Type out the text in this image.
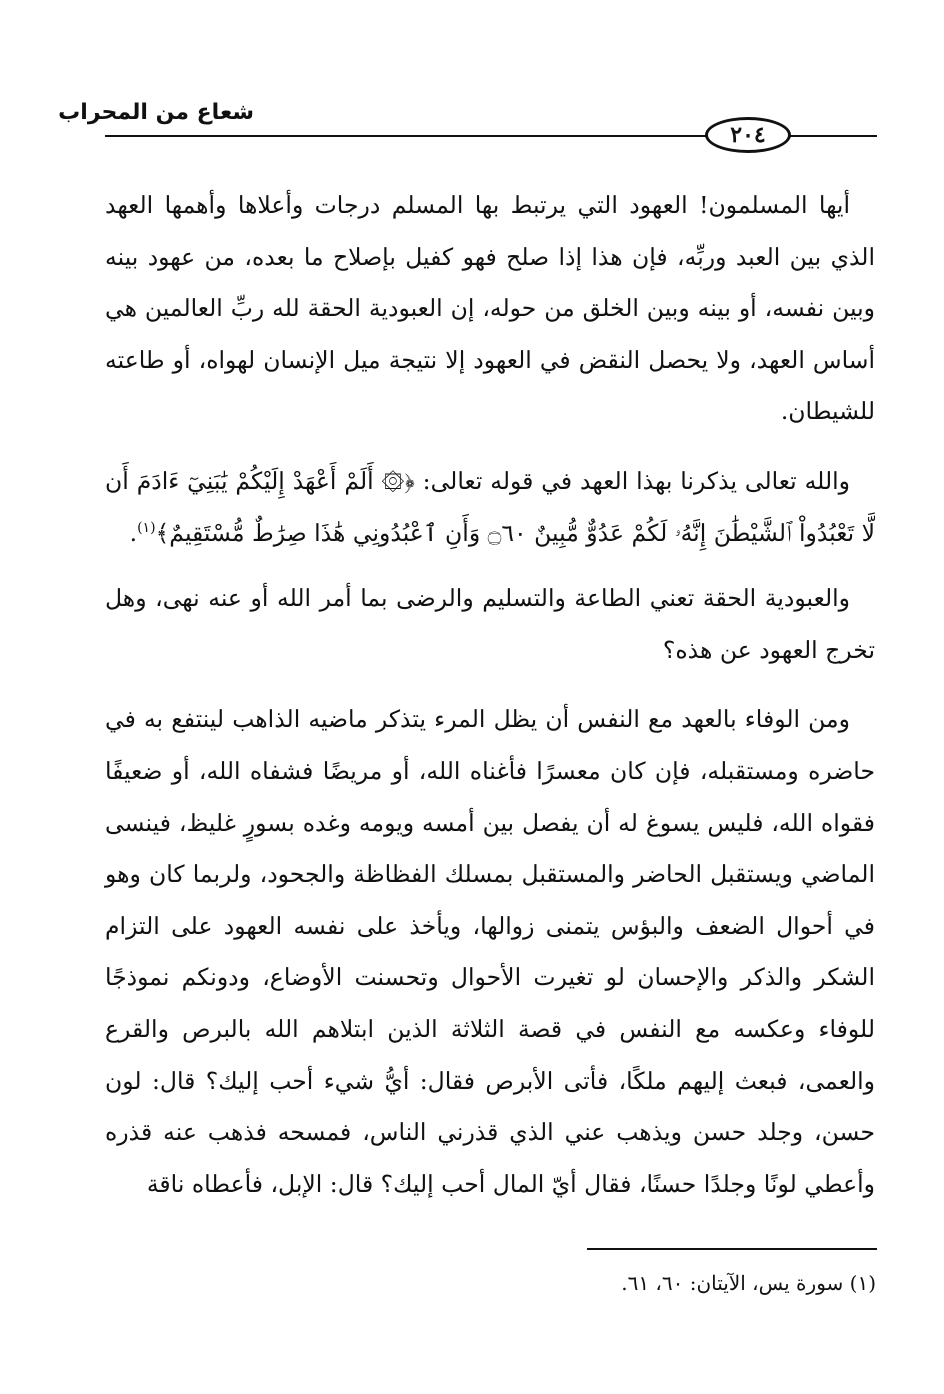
شعاع من المحراب
٢٠٤

أيها المسلمون! العهود التي يرتبط بها المسلم درجات وأعلاها وأهمها العهد الذي بين العبد وربِّه، فإن هذا إذا صلح فهو كفيل بإصلاح ما بعده، من عهود بينه وبين نفسه، أو بينه وبين الخلق من حوله، إن العبودية الحقة لله ربِّ العالمين هي أساس العهد، ولا يحصل النقض في العهود إلا نتيجة ميل الإنسان لهواه، أو طاعته للشيطان.

والله تعالى يذكرنا بهذا العهد في قوله تعالى: ﴿۞ أَلَمْ أَعْهَدْ إِلَيْكُمْ يَٰبَنِيٓ ءَادَمَ أَن لَّا تَعْبُدُواْ ٱلشَّيْطَٰنَ إِنَّهُۥ لَكُمْ عَدُوٌّ مُّبِينٌ ۝٦٠ وَأَنِ ٱعْبُدُونِي هَٰذَا صِرَٰطٌ مُّسْتَقِيمٌ﴾$^{(١)}$.

والعبودية الحقة تعني الطاعة والتسليم والرضى بما أمر الله أو عنه نهى، وهل تخرج العهود عن هذه؟

ومن الوفاء بالعهد مع النفس أن يظل المرء يتذكر ماضيه الذاهب لينتفع به في حاضره ومستقبله، فإن كان معسرًا فأغناه الله، أو مريضًا فشفاه الله، أو ضعيفًا فقواه الله، فليس يسوغ له أن يفصل بين أمسه ويومه وغده بسورٍ غليظ، فينسى الماضي ويستقبل الحاضر والمستقبل بمسلك الفظاظة والجحود، ولربما كان وهو في أحوال الضعف والبؤس يتمنى زوالها، ويأخذ على نفسه العهود على التزام الشكر والذكر والإحسان لو تغيرت الأحوال وتحسنت الأوضاع، ودونكم نموذجًا للوفاء وعكسه مع النفس في قصة الثلاثة الذين ابتلاهم الله بالبرص والقرع والعمى، فبعث إليهم ملكًا، فأتى الأبرص فقال: أيُّ شيء أحب إليك؟ قال: لون حسن، وجلد حسن ويذهب عني الذي قذرني الناس، فمسحه فذهب عنه قذره وأعطي لونًا وجلدًا حسنًا، فقال أيّ المال أحب إليك؟ قال: الإبل، فأعطاه ناقة

(١) سورة يس، الآيتان: ٦٠، ٦١.
